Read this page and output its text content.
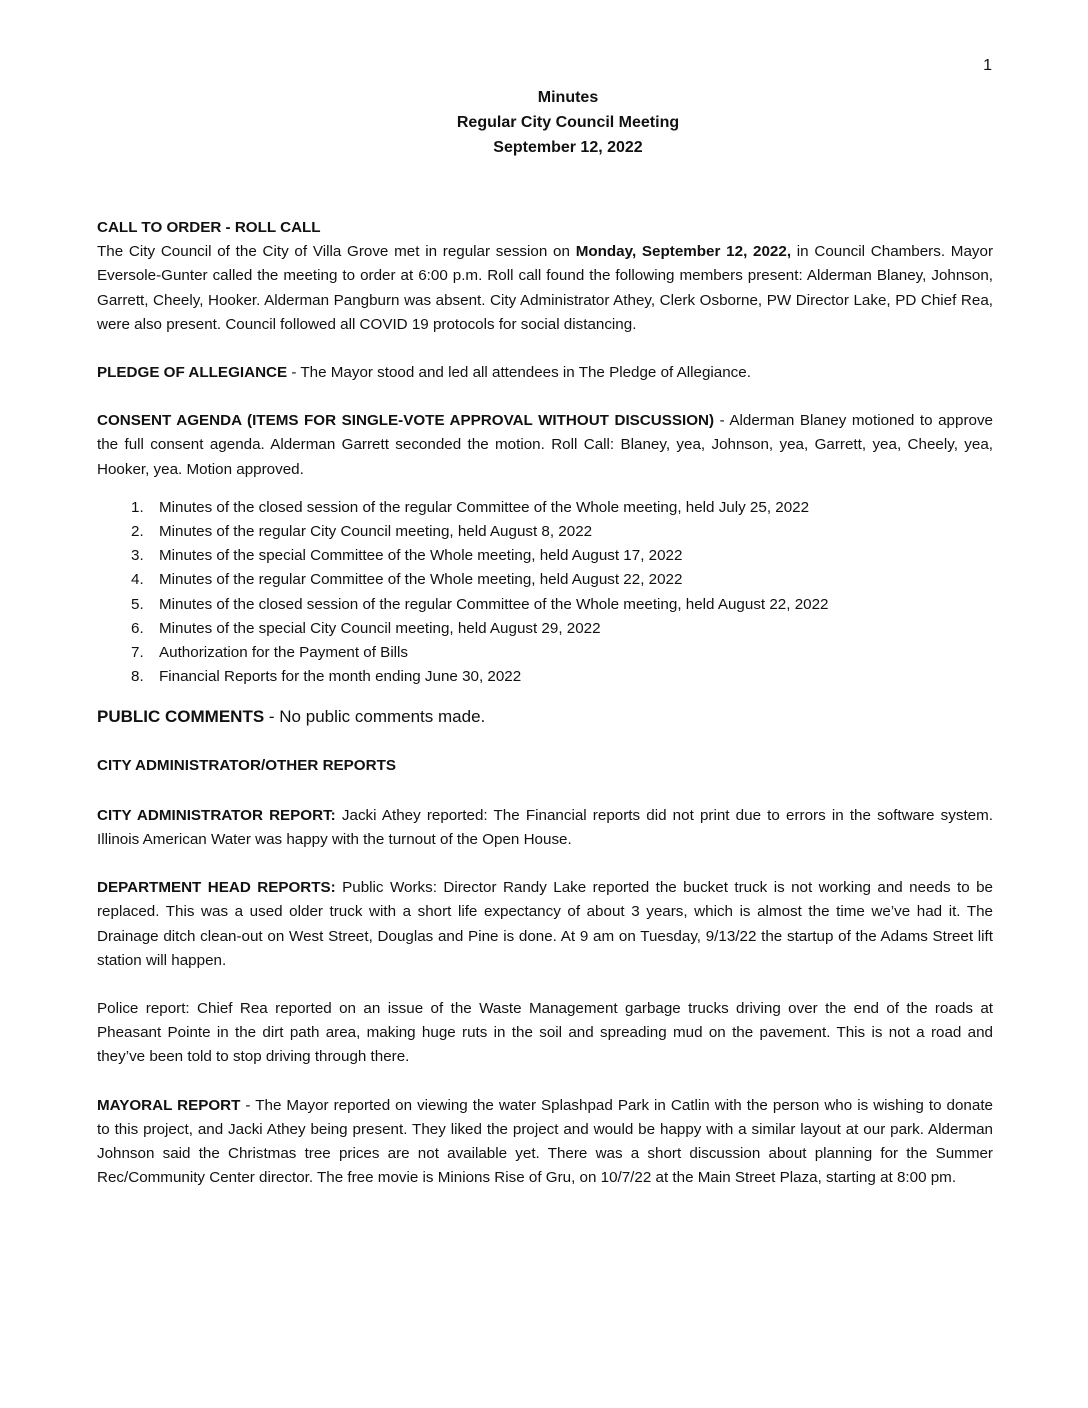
1
Minutes
Regular City Council Meeting
September 12, 2022
CALL TO ORDER - ROLL CALL
The City Council of the City of Villa Grove met in regular session on Monday, September 12, 2022, in Council Chambers. Mayor Eversole-Gunter called the meeting to order at 6:00 p.m. Roll call found the following members present: Alderman Blaney, Johnson, Garrett, Cheely, Hooker. Alderman Pangburn was absent. City Administrator Athey, Clerk Osborne, PW Director Lake, PD Chief Rea, were also present. Council followed all COVID 19 protocols for social distancing.
PLEDGE OF ALLEGIANCE - The Mayor stood and led all attendees in The Pledge of Allegiance.
CONSENT AGENDA (ITEMS FOR SINGLE-VOTE APPROVAL WITHOUT DISCUSSION) - Alderman Blaney motioned to approve the full consent agenda. Alderman Garrett seconded the motion. Roll Call: Blaney, yea, Johnson, yea, Garrett, yea, Cheely, yea, Hooker, yea. Motion approved.
1.	Minutes of the closed session of the regular Committee of the Whole meeting, held July 25, 2022
2.	Minutes of the regular City Council meeting, held August 8, 2022
3.	Minutes of the special Committee of the Whole meeting, held August 17, 2022
4.	Minutes of the regular Committee of the Whole meeting, held August 22, 2022
5.	Minutes of the closed session of the regular Committee of the Whole meeting, held August 22, 2022
6.	Minutes of the special City Council meeting, held August 29, 2022
7.	Authorization for the Payment of Bills
8.	Financial Reports for the month ending June 30, 2022
PUBLIC COMMENTS - No public comments made.
CITY ADMINISTRATOR/OTHER REPORTS
CITY ADMINISTRATOR REPORT: Jacki Athey reported: The Financial reports did not print due to errors in the software system. Illinois American Water was happy with the turnout of the Open House.
DEPARTMENT HEAD REPORTS: Public Works: Director Randy Lake reported the bucket truck is not working and needs to be replaced. This was a used older truck with a short life expectancy of about 3 years, which is almost the time we’ve had it. The Drainage ditch clean-out on West Street, Douglas and Pine is done. At 9 am on Tuesday, 9/13/22 the startup of the Adams Street lift station will happen.
Police report: Chief Rea reported on an issue of the Waste Management garbage trucks driving over the end of the roads at Pheasant Pointe in the dirt path area, making huge ruts in the soil and spreading mud on the pavement. This is not a road and they’ve been told to stop driving through there.
MAYORAL REPORT - The Mayor reported on viewing the water Splashpad Park in Catlin with the person who is wishing to donate to this project, and Jacki Athey being present. They liked the project and would be happy with a similar layout at our park. Alderman Johnson said the Christmas tree prices are not available yet. There was a short discussion about planning for the Summer Rec/Community Center director. The free movie is Minions Rise of Gru, on 10/7/22 at the Main Street Plaza, starting at 8:00 pm.
